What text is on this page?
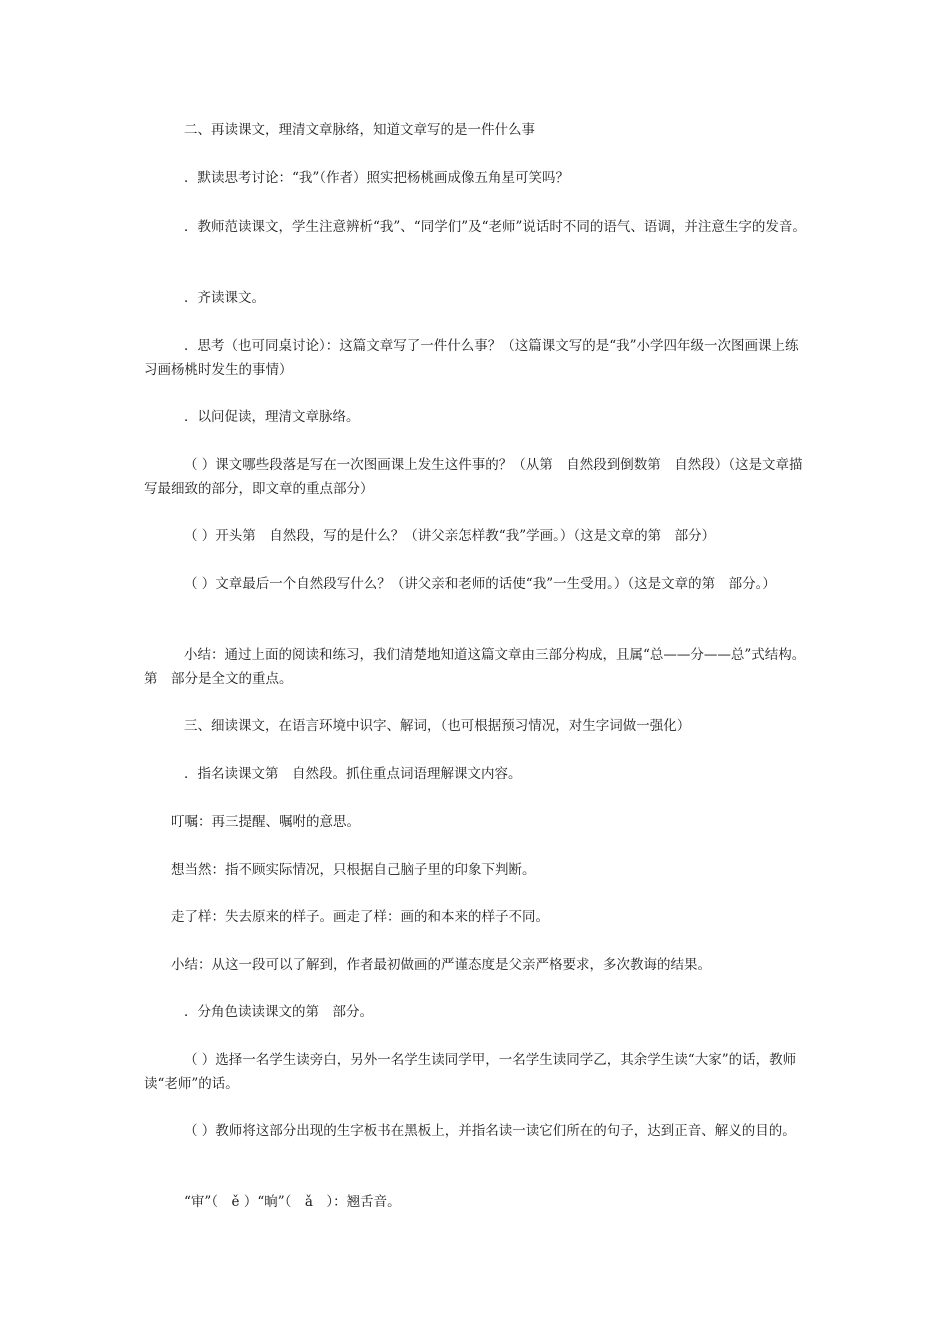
二、再读课文，理清文章脉络，知道文章写的是一件什么事

．默读思考讨论：“我”（作者）照实把杨桃画成像五角星可笑吗？

．教师范读课文，学生注意辨析“我”、“同学们”及“老师”说话时不同的语气、语调，并注意生字的发音。

．齐读课文。

．思考（也可同桌讨论）：这篇文章写了一件什么事？（这篇课文写的是“我”小学四年级一次图画课上练习画杨桃时发生的事情）

．以问促读，理清文章脉络。

（ ）课文哪些段落是写在一次图画课上发生这件事的？（从第　自然段到倒数第　自然段）（这是文章描写最细致的部分，即文章的重点部分）

（ ）开头第　自然段，写的是什么？（讲父亲怎样教“我”学画。）（这是文章的第　部分）

（ ）文章最后一个自然段写什么？（讲父亲和老师的话使“我”一生受用。）（这是文章的第　部分。）

小结：通过上面的阅读和练习，我们清楚地知道这篇文章由三部分构成，且属“总——分——总”式结构。第　部分是全文的重点。

三、细读课文，在语言环境中识字、解词，（也可根据预习情况，对生字词做一强化）

．指名读课文第　自然段。抓住重点词语理解课文内容。

叮嘱：再三提醒、嘱咐的意思。

想当然：指不顾实际情况，只根据自己脑子里的印象下判断。

走了样：失去原来的样子。画走了样：画的和本来的样子不同。

小结：从这一段可以了解到，作者最初做画的严谨态度是父亲严格要求，多次教诲的结果。

．分角色读读课文的第　部分。

（ ）选择一名学生读旁白，另外一名学生读同学甲，一名学生读同学乙，其余学生读“大家”的话，教师读“老师”的话。

（ ）教师将这部分出现的生字板书在黑板上，并指名读一读它们所在的句子，达到正音、解义的目的。

“审”（　ě ）“晌”（　ǎ　）：翘舌音。
